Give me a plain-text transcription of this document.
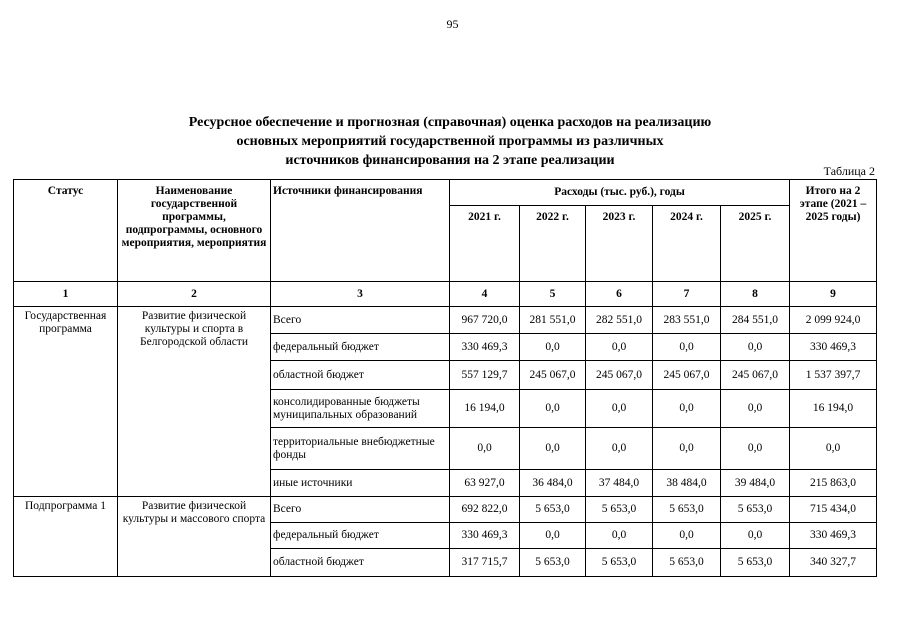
95
Ресурсное обеспечение и прогнозная (справочная) оценка расходов на реализацию
основных мероприятий государственной программы из различных
источников финансирования на 2 этапе реализации
Таблица 2
Статус	Наименование государственной программы, подпрограммы, основного мероприятия, мероприятия	Источники финансирования	Расходы (тыс. руб.), годы					Итого на 2 этапе (2021 – 2025 годы)
			2021 г.	2022 г.	2023 г.	2024 г.	2025 г.	
1	2	3	4	5	6	7	8	9
Государственная программа	Развитие физической культуры и спорта в Белгородской области	Всего	967 720,0	281 551,0	282 551,0	283 551,0	284 551,0	2 099 924,0
		федеральный бюджет	330 469,3	0,0	0,0	0,0	0,0	330 469,3
		областной бюджет	557 129,7	245 067,0	245 067,0	245 067,0	245 067,0	1 537 397,7
		консолидированные бюджеты муниципальных образований	16 194,0	0,0	0,0	0,0	0,0	16 194,0
		территориальные внебюджетные фонды	0,0	0,0	0,0	0,0	0,0	0,0
		иные источники	63 927,0	36 484,0	37 484,0	38 484,0	39 484,0	215 863,0
Подпрограмма 1	Развитие физической культуры и массового спорта	Всего	692 822,0	5 653,0	5 653,0	5 653,0	5 653,0	715 434,0
		федеральный бюджет	330 469,3	0,0	0,0	0,0	0,0	330 469,3
		областной бюджет	317 715,7	5 653,0	5 653,0	5 653,0	5 653,0	340 327,7
